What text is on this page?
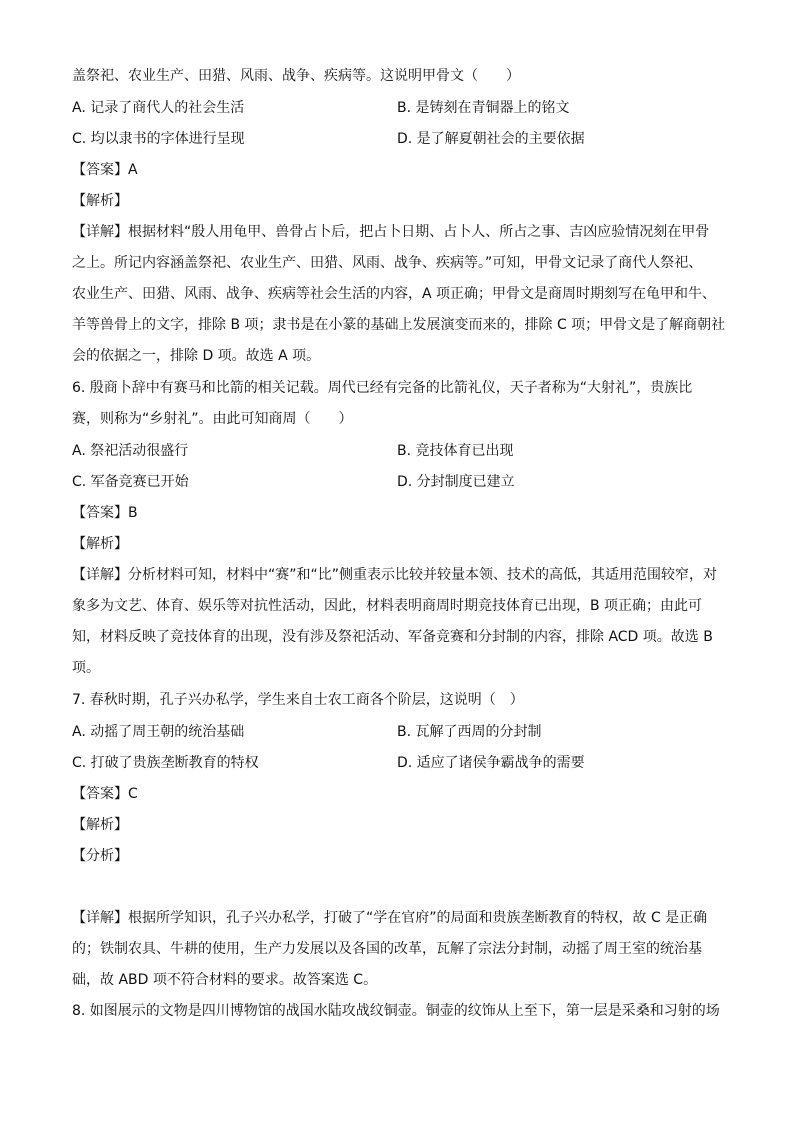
盖祭祀、农业生产、田猎、风雨、战争、疾病等。这说明甲骨文（　　）
A. 记录了商代人的社会生活	B. 是铸刻在青铜器上的铭文
C. 均以隶书的字体进行呈现	D. 是了解夏朝社会的主要依据
【答案】A
【解析】
【详解】根据材料“殷人用龟甲、兽骨占卜后，把占卜日期、占卜人、所占之事、吉凶应验情况刻在甲骨
之上。所记内容涵盖祭祀、农业生产、田猎、风雨、战争、疾病等。”可知，甲骨文记录了商代人祭祀、
农业生产、田猎、风雨、战争、疾病等社会生活的内容，A 项正确；甲骨文是商周时期刻写在龟甲和牛、
羊等兽骨上的文字，排除 B 项；隶书是在小篆的基础上发展演变而来的，排除 C 项；甲骨文是了解商朝社
会的依据之一，排除 D 项。故选 A 项。
6. 殷商卜辞中有赛马和比箭的相关记载。周代已经有完备的比箭礼仪，天子者称为“大射礼”，贵族比
赛，则称为“乡射礼”。由此可知商周（　　）
A. 祭祀活动很盛行	B. 竞技体育已出现
C. 军备竞赛已开始	D. 分封制度已建立
【答案】B
【解析】
【详解】分析材料可知，材料中“赛”和“比”侧重表示比较并较量本领、技术的高低，其适用范围较窄，对
象多为文艺、体育、娱乐等对抗性活动，因此，材料表明商周时期竞技体育已出现，B 项正确；由此可
知，材料反映了竞技体育的出现，没有涉及祭祀活动、军备竞赛和分封制的内容，排除 ACD 项。故选 B
项。
7. 春秋时期，孔子兴办私学，学生来自士农工商各个阶层，这说明（　）
A. 动摇了周王朝的统治基础	B. 瓦解了西周的分封制
C. 打破了贵族垄断教育的特权	D. 适应了诸侯争霸战争的需要
【答案】C
【解析】
【分析】
【详解】根据所学知识，孔子兴办私学，打破了“学在官府”的局面和贵族垄断教育的特权，故 C 是正确
的；铁制农具、牛耕的使用，生产力发展以及各国的改革，瓦解了宗法分封制，动摇了周王室的统治基
础，故 ABD 项不符合材料的要求。故答案选 C。
8. 如图展示的文物是四川博物馆的战国水陆攻战纹铜壶。铜壶的纹饰从上至下，第一层是采桑和习射的场
